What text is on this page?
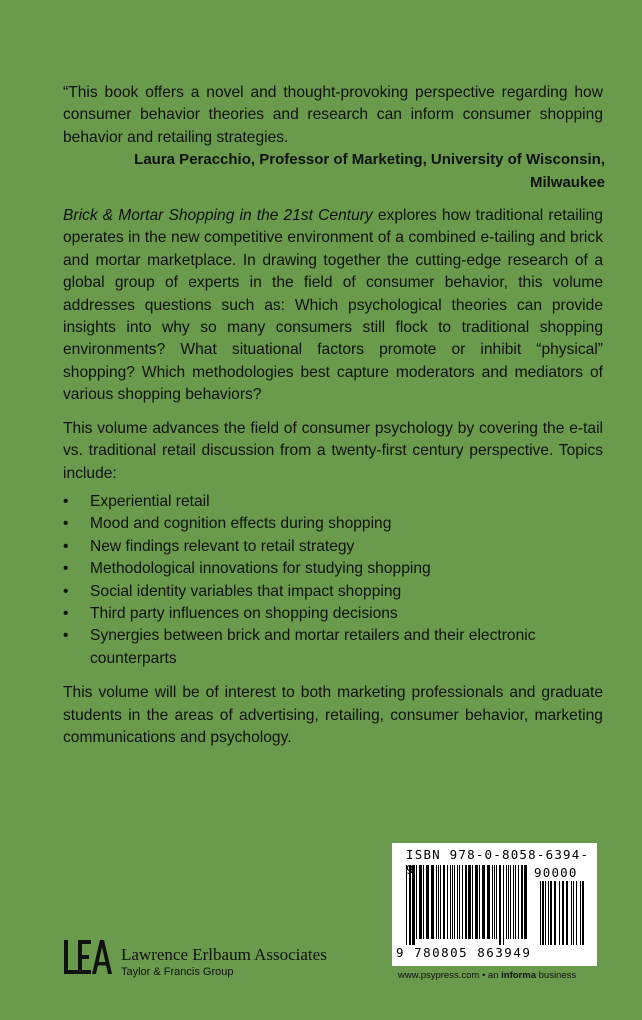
“This book offers a novel and thought-provoking perspective regarding how consumer behavior theories and research can inform consumer shopping behavior and retailing strategies.

Laura Peracchio, Professor of Marketing, University of Wisconsin, Milwaukee

Brick & Mortar Shopping in the 21st Century explores how traditional retailing operates in the new competitive environment of a combined e-tailing and brick and mortar marketplace. In drawing together the cutting-edge research of a global group of experts in the field of consumer behavior, this volume addresses questions such as: Which psychological theories can provide insights into why so many consumers still flock to traditional shopping environments? What situational factors promote or inhibit “physical” shopping? Which methodologies best capture moderators and mediators of various shopping behaviors?

This volume advances the field of consumer psychology by covering the e-tail vs. traditional retail discussion from a twenty-first century perspective. Topics include:

• Experiential retail
• Mood and cognition effects during shopping
• New findings relevant to retail strategy
• Methodological innovations for studying shopping
• Social identity variables that impact shopping
• Third party influences on shopping decisions
• Synergies between brick and mortar retailers and their electronic counterparts

This volume will be of interest to both marketing professionals and graduate students in the areas of advertising, retailing, consumer behavior, marketing communications and psychology.

Lawrence Erlbaum Associates
Taylor & Francis Group
ISBN 978-0-8058-6394-
90000
9 780805 863949
www.psypress.com • an informa business
